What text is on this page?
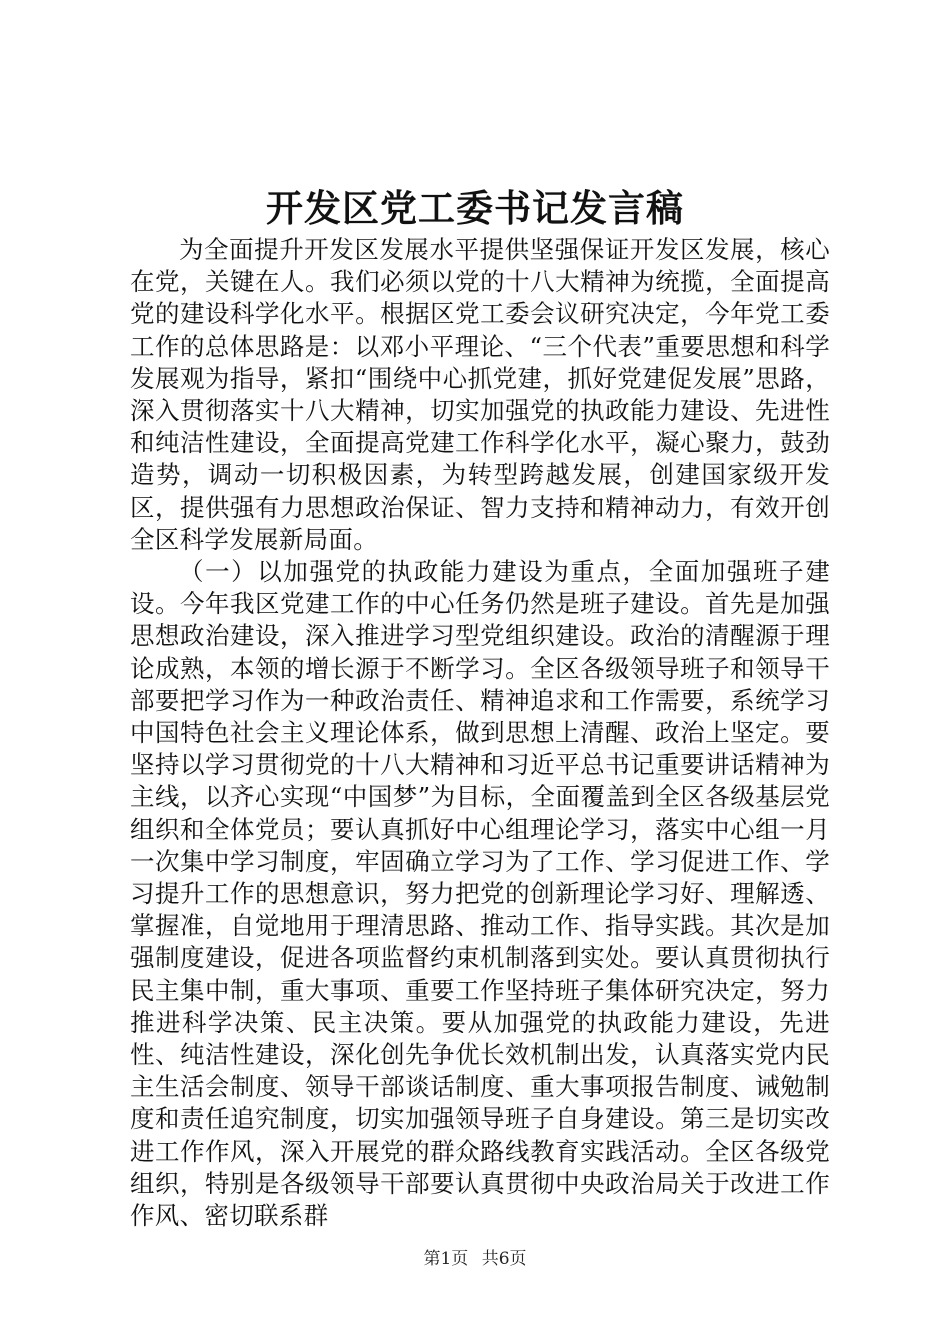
开发区党工委书记发言稿

为全面提升开发区发展水平提供坚强保证开发区发展，核心在党，关键在人。我们必须以党的十八大精神为统揽，全面提高党的建设科学化水平。根据区党工委会议研究决定，今年党工委工作的总体思路是：以邓小平理论、“三个代表”重要思想和科学发展观为指导，紧扣“围绕中心抓党建，抓好党建促发展”思路，深入贯彻落实十八大精神，切实加强党的执政能力建设、先进性和纯洁性建设，全面提高党建工作科学化水平，凝心聚力，鼓劲造势，调动一切积极因素，为转型跨越发展，创建国家级开发区，提供强有力思想政治保证、智力支持和精神动力，有效开创全区科学发展新局面。

（一）以加强党的执政能力建设为重点，全面加强班子建设。今年我区党建工作的中心任务仍然是班子建设。首先是加强思想政治建设，深入推进学习型党组织建设。政治的清醒源于理论成熟，本领的增长源于不断学习。全区各级领导班子和领导干部要把学习作为一种政治责任、精神追求和工作需要，系统学习中国特色社会主义理论体系，做到思想上清醒、政治上坚定。要坚持以学习贯彻党的十八大精神和习近平总书记重要讲话精神为主线，以齐心实现“中国梦”为目标，全面覆盖到全区各级基层党组织和全体党员；要认真抓好中心组理论学习，落实中心组一月一次集中学习制度，牢固确立学习为了工作、学习促进工作、学习提升工作的思想意识，努力把党的创新理论学习好、理解透、掌握准，自觉地用于理清思路、推动工作、指导实践。其次是加强制度建设，促进各项监督约束机制落到实处。要认真贯彻执行民主集中制，重大事项、重要工作坚持班子集体研究决定，努力推进科学决策、民主决策。要从加强党的执政能力建设，先进性、纯洁性建设，深化创先争优长效机制出发，认真落实党内民主生活会制度、领导干部谈话制度、重大事项报告制度、诫勉制度和责任追究制度，切实加强领导班子自身建设。第三是切实改进工作作风，深入开展党的群众路线教育实践活动。全区各级党组织，特别是各级领导干部要认真贯彻中央政治局关于改进工作作风、密切联系群

第1页 共6页
